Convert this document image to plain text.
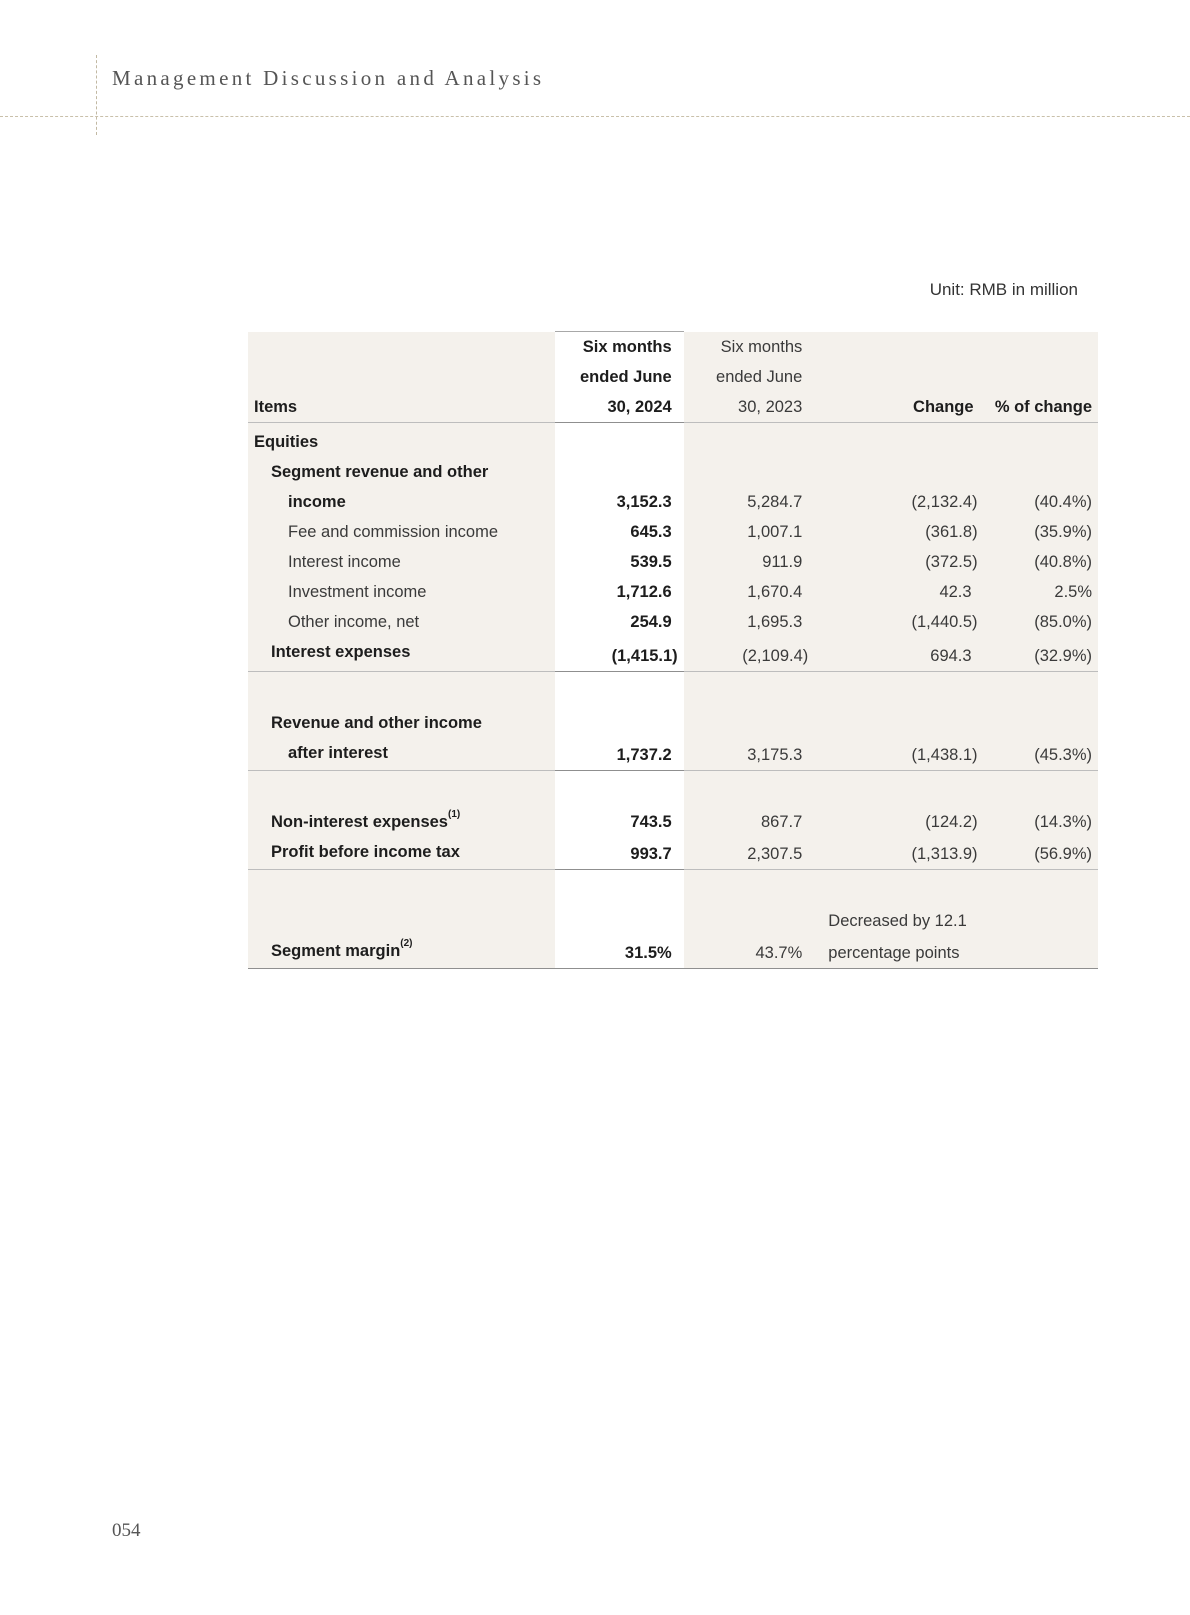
Management Discussion and Analysis
Unit: RMB in million
	Six months	Six months		
	ended June	ended June		
Items	30, 2024	30, 2023	Change	% of change
Equities				
Segment revenue and other				
income	3,152.3	5,284.7	(2,132.4)	(40.4%)
Fee and commission income	645.3	1,007.1	(361.8)	(35.9%)
Interest income	539.5	911.9	(372.5)	(40.8%)
Investment income	1,712.6	1,670.4	42.3	2.5%
Other income, net	254.9	1,695.3	(1,440.5)	(85.0%)
Interest expenses	(1,415.1)	(2,109.4)	694.3	(32.9%)

Revenue and other income				
after interest	1,737.2	3,175.3	(1,438.1)	(45.3%)

Non-interest expenses$^{(1)}$	743.5	867.7	(124.2)	(14.3%)
Profit before income tax	993.7	2,307.5	(1,313.9)	(56.9%)

			Decreased by 12.1	
Segment margin$^{(2)}$	31.5%	43.7%	percentage points	
054
